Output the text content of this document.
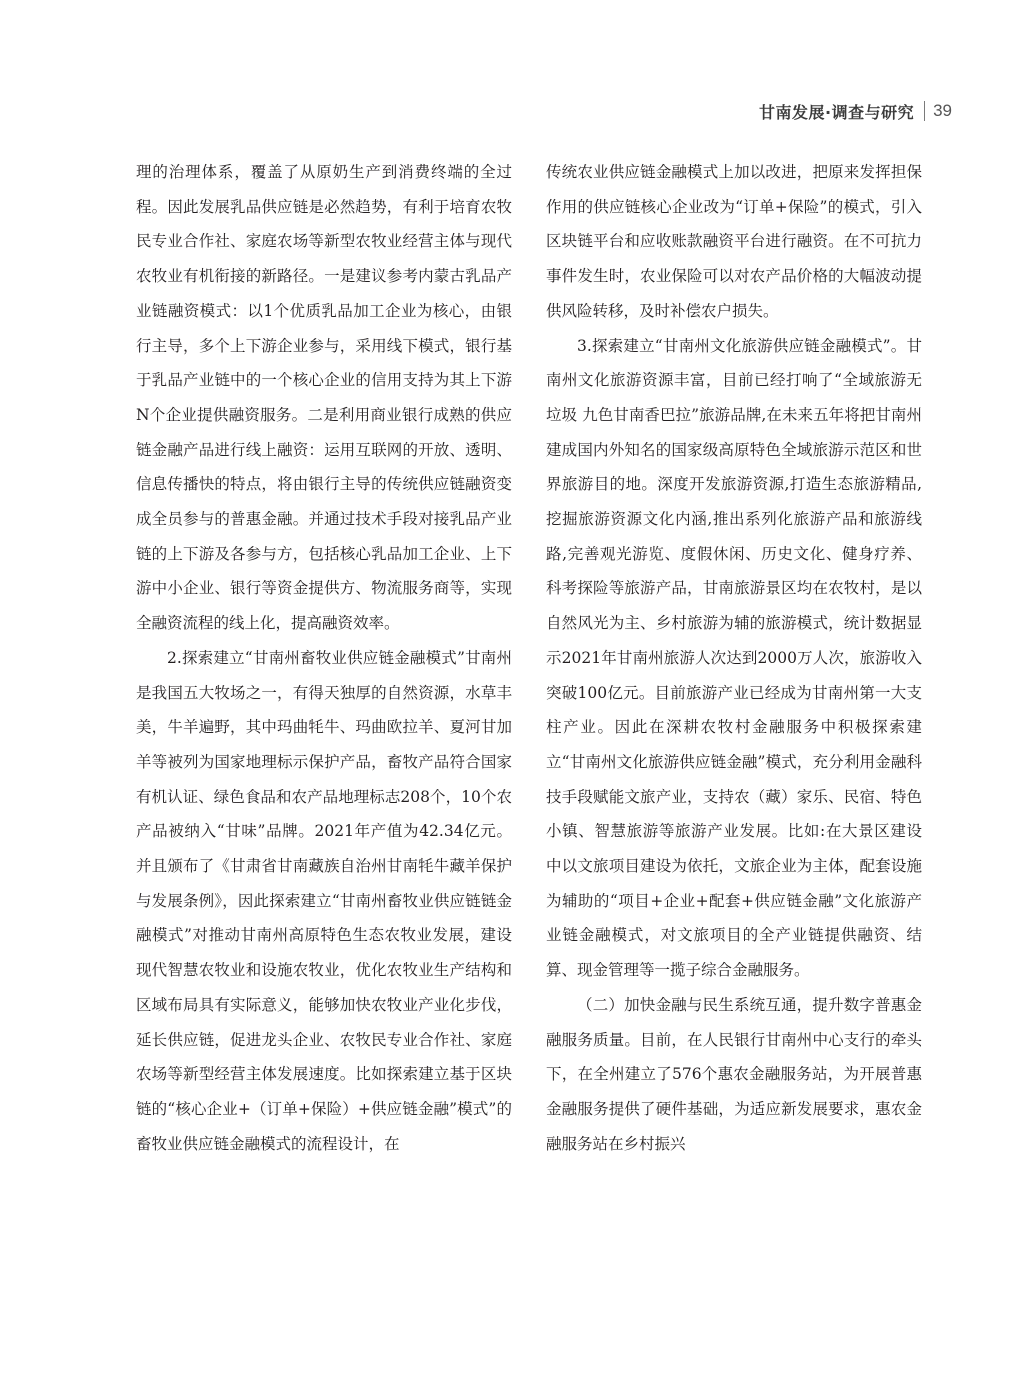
甘南发展·调查与研究 39

理的治理体系，覆盖了从原奶生产到消费终端的全过程。因此发展乳品供应链是必然趋势，有利于培育农牧民专业合作社、家庭农场等新型农牧业经营主体与现代农牧业有机衔接的新路径。一是建议参考内蒙古乳品产业链融资模式：以1个优质乳品加工企业为核心，由银行主导，多个上下游企业参与，采用线下模式，银行基于乳品产业链中的一个核心企业的信用支持为其上下游N个企业提供融资服务。二是利用商业银行成熟的供应链金融产品进行线上融资：运用互联网的开放、透明、信息传播快的特点，将由银行主导的传统供应链融资变成全员参与的普惠金融。并通过技术手段对接乳品产业链的上下游及各参与方，包括核心乳品加工企业、上下游中小企业、银行等资金提供方、物流服务商等，实现全融资流程的线上化，提高融资效率。

2.探索建立“甘南州畜牧业供应链金融模式”甘南州是我国五大牧场之一，有得天独厚的自然资源，水草丰美，牛羊遍野，其中玛曲牦牛、玛曲欧拉羊、夏河甘加羊等被列为国家地理标示保护产品，畜牧产品符合国家有机认证、绿色食品和农产品地理标志208个，10个农产品被纳入“甘味”品牌。2021年产值为42.34亿元。并且颁布了《甘肃省甘南藏族自治州甘南牦牛藏羊保护与发展条例》，因此探索建立“甘南州畜牧业供应链链金融模式”对推动甘南州高原特色生态农牧业发展，建设现代智慧农牧业和设施农牧业，优化农牧业生产结构和区域布局具有实际意义，能够加快农牧业产业化步伐，延长供应链，促进龙头企业、农牧民专业合作社、家庭农场等新型经营主体发展速度。比如探索建立基于区块链的“核心企业+（订单+保险）+供应链金融”模式”的畜牧业供应链金融模式的流程设计，在

传统农业供应链金融模式上加以改进，把原来发挥担保作用的供应链核心企业改为“订单+保险”的模式，引入区块链平台和应收账款融资平台进行融资。在不可抗力事件发生时，农业保险可以对农产品价格的大幅波动提供风险转移，及时补偿农户损失。

3.探索建立“甘南州文化旅游供应链金融模式”。甘南州文化旅游资源丰富，目前已经打响了“全域旅游无垃圾 九色甘南香巴拉”旅游品牌,在未来五年将把甘南州建成国内外知名的国家级高原特色全域旅游示范区和世界旅游目的地。深度开发旅游资源,打造生态旅游精品,挖掘旅游资源文化内涵,推出系列化旅游产品和旅游线路,完善观光游览、度假休闲、历史文化、健身疗养、科考探险等旅游产品，甘南旅游景区均在农牧村，是以自然风光为主、乡村旅游为辅的旅游模式，统计数据显示2021年甘南州旅游人次达到2000万人次，旅游收入突破100亿元。目前旅游产业已经成为甘南州第一大支柱产业。因此在深耕农牧村金融服务中积极探索建立“甘南州文化旅游供应链金融”模式，充分利用金融科技手段赋能文旅产业，支持农（藏）家乐、民宿、特色小镇、智慧旅游等旅游产业发展。比如:在大景区建设中以文旅项目建设为依托，文旅企业为主体，配套设施为辅助的“项目+企业+配套+供应链金融”文化旅游产业链金融模式，对文旅项目的全产业链提供融资、结算、现金管理等一揽子综合金融服务。

（二）加快金融与民生系统互通，提升数字普惠金融服务质量。目前，在人民银行甘南州中心支行的牵头下，在全州建立了576个惠农金融服务站，为开展普惠金融服务提供了硬件基础，为适应新发展要求，惠农金融服务站在乡村振兴
